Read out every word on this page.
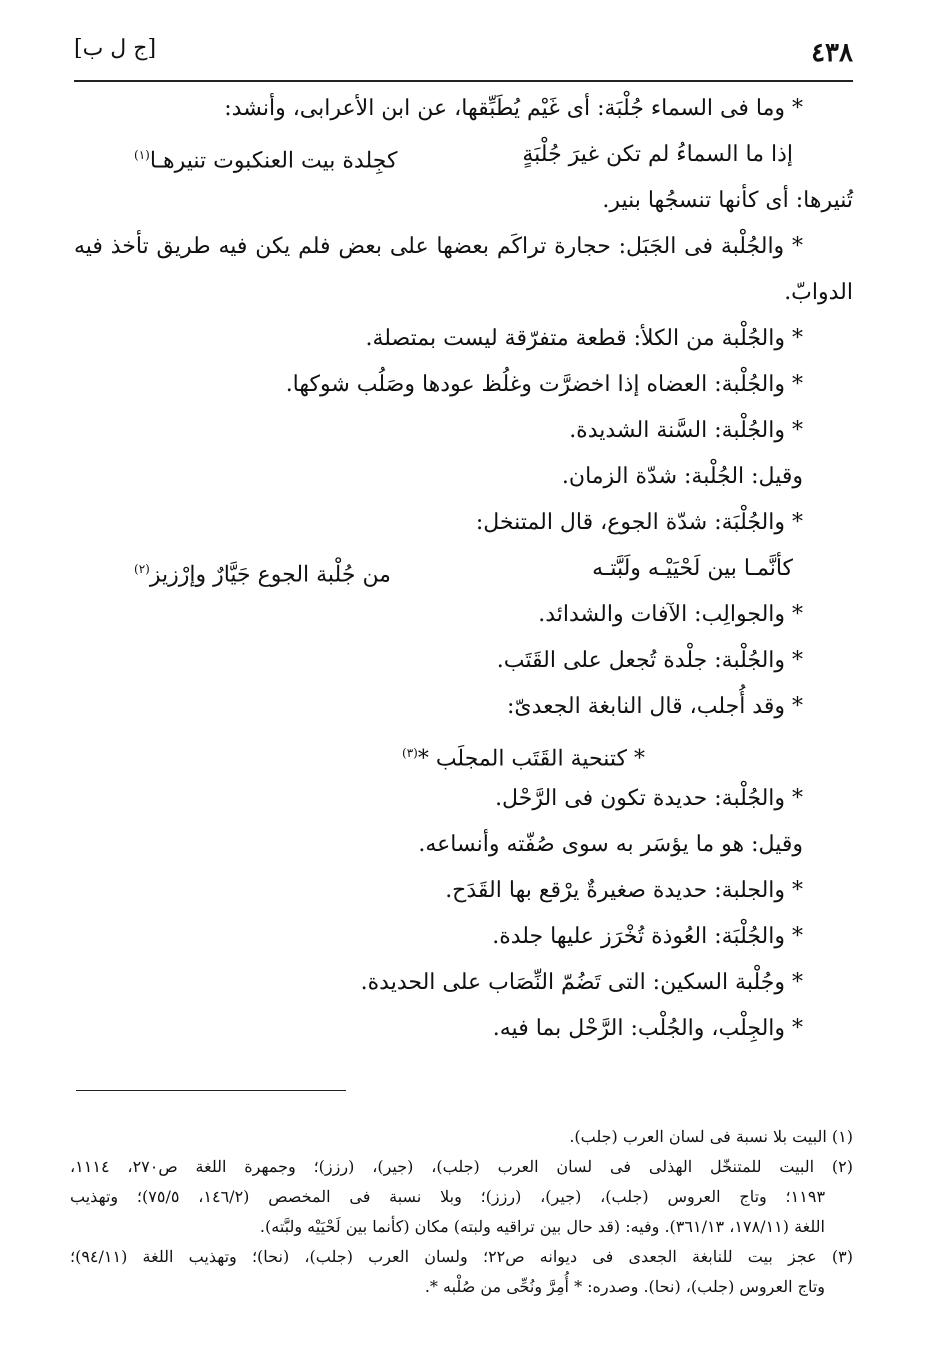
٤٣٨
[ج ل ب]
* وما فى السماء جُلْبَة: أى غَيْم يُطَبِّقها، عن ابن الأعرابى، وأنشد:
إذا ما السماءُ لم تكن غيرَ جُلْبَةٍ
كجِلدة بيت العنكبوت تنيرهـا$^{(١)}$
تُنيرها: أى كأنها تنسجُها بنير.
* والجُلْبة فى الجَبَل: حجارة تراكَم بعضها على بعض فلم يكن فيه طريق تأخذ فيه
الدوابّ.
* والجُلْبة من الكلأ: قطعة متفرّقة ليست بمتصلة.
* والجُلْبة: العضاه إذا اخضرَّت وغلُظ عودها وصَلُب شوكها.
* والجُلْبة: السَّنة الشديدة.
وقيل: الجُلْبة: شدّة الزمان.
* والجُلْبَة: شدّة الجوع، قال المتنخل:
كأنَّمـا بين لَحْيَيْـه ولَبَّتـه
من جُلْبة الجوع جَيَّارٌ وإرْزيز$^{(٢)}$
* والجوالِب: الآفات والشدائد.
* والجُلْبة: جلْدة تُجعل على القَتَب.
* وقد أُجلب، قال النابغة الجعدىّ:
* كتنحية القَتَب المجلَب *$^{(٣)}$
* والجُلْبة: حديدة تكون فى الرَّحْل.
وقيل: هو ما يؤسَر به سوى صُفّته وأنساعه.
* والجلبة: حديدة صغيرةٌ يرْقع بها القَدَح.
* والجُلْبَة: العُوذة تُخْرَز عليها جلدة.
* وجُلْبة السكين: التى تَضُمّ النِّصَاب على الحديدة.
* والجِلْب، والجُلْب: الرَّحْل بما فيه.
(١) البيت بلا نسبة فى لسان العرب (جلب).
(٢) البيت للمتنخّل الهذلى فى لسان العرب (جلب)، (جير)، (رزز)؛ وجمهرة اللغة ص٢٧٠، ١١١٤،
١١٩٣؛ وتاج العروس (جلب)، (جير)، (رزز)؛ وبلا نسبة فى المخصص (١٤٦/٢، ٧٥/٥)؛ وتهذيب
اللغة (١٧٨/١١، ٣٦١/١٣). وفيه: (قد حال بين تراقيه ولبته) مكان (كأنما بين لَحْيَيْه ولبَّته).
(٣) عجز بيت للنابغة الجعدى فى ديوانه ص٢٢؛ ولسان العرب (جلب)، (نحا)؛ وتهذيب اللغة (٩٤/١١)؛
وتاج العروس (جلب)، (نحا). وصدره: * أُمِرَّ ونُحِّى من صُلْبه *.
